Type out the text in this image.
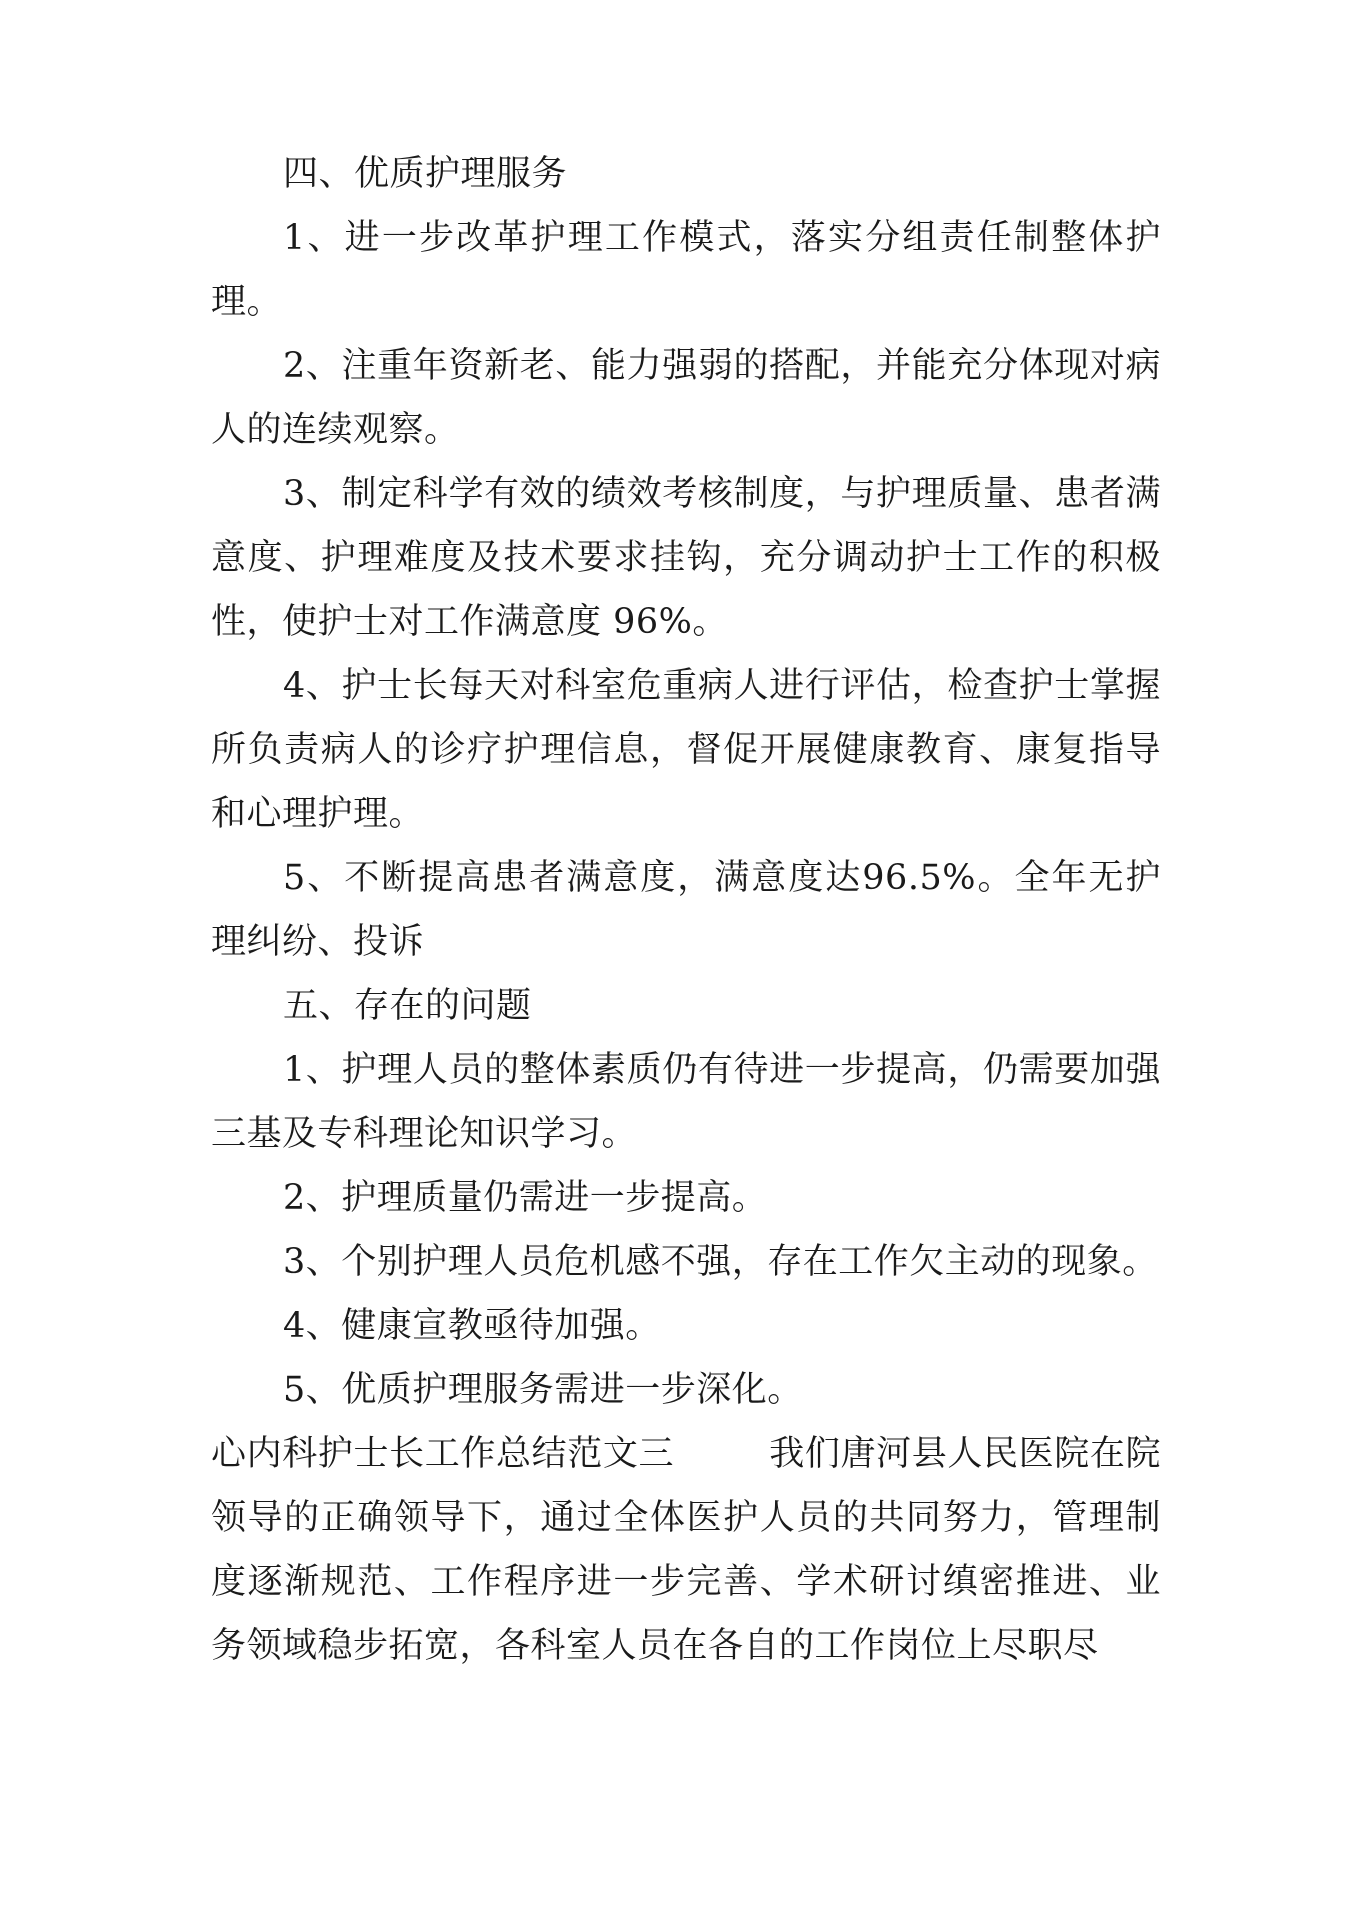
四、优质护理服务

1、进一步改革护理工作模式，落实分组责任制整体护理。

2、注重年资新老、能力强弱的搭配，并能充分体现对病人的连续观察。

3、制定科学有效的绩效考核制度，与护理质量、患者满意度、护理难度及技术要求挂钩，充分调动护士工作的积极性，使护士对工作满意度 96%。

4、护士长每天对科室危重病人进行评估，检查护士掌握所负责病人的诊疗护理信息，督促开展健康教育、康复指导和心理护理。

5、不断提高患者满意度，满意度达96.5%。全年无护理纠纷、投诉

五、存在的问题

1、护理人员的整体素质仍有待进一步提高，仍需要加强三基及专科理论知识学习。

2、护理质量仍需进一步提高。

3、个别护理人员危机感不强，存在工作欠主动的现象。

4、健康宣教亟待加强。

5、优质护理服务需进一步深化。

心内科护士长工作总结范文三	我们唐河县人民医院在院领导的正确领导下，通过全体医护人员的共同努力，管理制度逐渐规范、工作程序进一步完善、学术研讨缜密推进、业务领域稳步拓宽，各科室人员在各自的工作岗位上尽职尽
